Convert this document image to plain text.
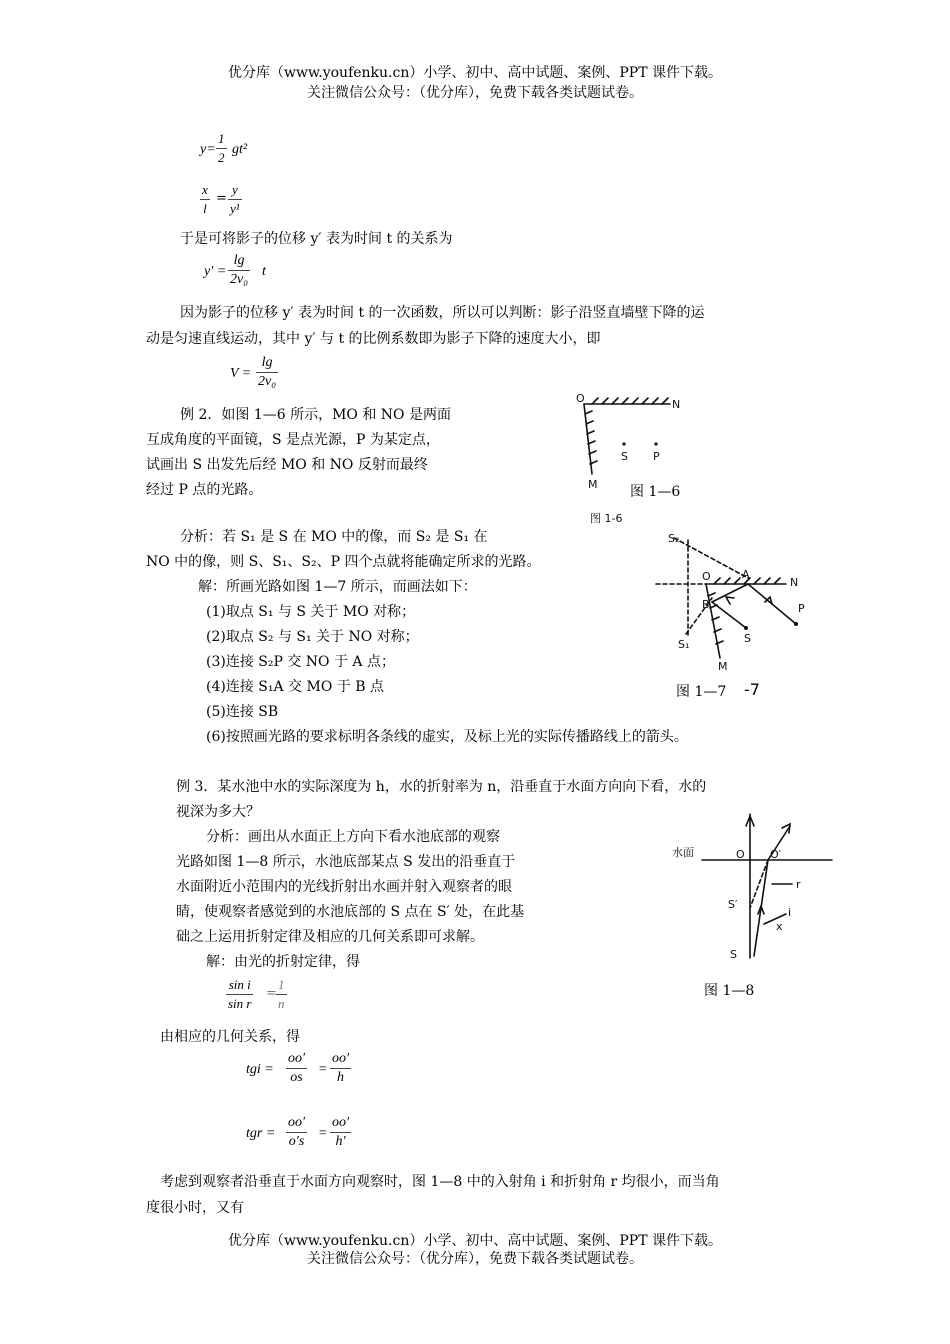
优分库（www.youfenku.cn）小学、初中、高中试题、案例、PPT 课件下载。
关注微信公众号：（优分库），免费下载各类试题试卷。
$y= \frac{1}{2} gt^2$
$\frac{x}{l} = \frac{y}{\text{y¹}}$
于是可将影子的位移 y′ 表为时间 t 的关系为
$y' = \frac{\lg}{\text{2v₀}}$ t
因为影子的位移 y′ 表为时间 t 的一次函数，所以可以判断：影子沿竖直墙壁下降的运
动是匀速直线运动，其中 y′ 与 t 的比例系数即为影子下降的速度大小，即
$V = \frac{\lg}{\text{2v₀}}$
例 2．如图 1—6 所示，MO 和 NO 是两面
互成角度的平面镜，S 是点光源，P 为某定点，
试画出 S 出发先后经 MO 和 NO 反射而最终
经过 P 点的光路。
O	N
M
S P
图 1-6
图 1—6
分析：若 S₁ 是 S 在 MO 中的像，而 S₂ 是 S₁ 在
NO 中的像，则 S、S₁、S₂、P 四个点就将能确定所求的光路。
解：所画光路如图 1—7 所示，而画法如下：
(1)取点 S₁ 与 S 关于 MO 对称；
(2)取点 S₂ 与 S₁ 关于 NO 对称；
(3)连接 S₂P 交 NO 于 A 点；
(4)连接 S₁A 交 MO 于 B 点
(5)连接 SB
(6)按照画光路的要求标明各条线的虚实，及标上光的实际传播路线上的箭头。
S₂
O	A
N
B
S₁	S
M
P
图 1—7 -7
例 3．某水池中水的实际深度为 h，水的折射率为 n，沿垂直于水面方向向下看，水的
视深为多大？
分析：画出从水面正上方向下看水池底部的观察
光路如图 1—8 所示，水池底部某点 S 发出的沿垂直于
水面附近小范围内的光线折射出水画并射入观察者的眼
睛，使观察者感觉到的水池底部的 S 点在 S′ 处，在此基
础之上运用折射定律及相应的几何关系即可求解。
解：由光的折射定律，得
水面	O O′
r
S′
i
S
x
图 1—8
$\frac{\text{sin i}}{\text{sin r}} = \frac{1}{n}$
由相应的几何关系，得
tgi = $\frac{oo'}{os} = \frac{oo'}{h}$
tgr = $\frac{oo'}{o's} = \frac{oo'}{h'}$
考虑到观察者沿垂直于水面方向观察时，图 1—8 中的入射角 i 和折射角 r 均很小，而当角
度很小时，又有
优分库（www.youfenku.cn）小学、初中、高中试题、案例、PPT 课件下载。
关注微信公众号：（优分库），免费下载各类试题试卷。
